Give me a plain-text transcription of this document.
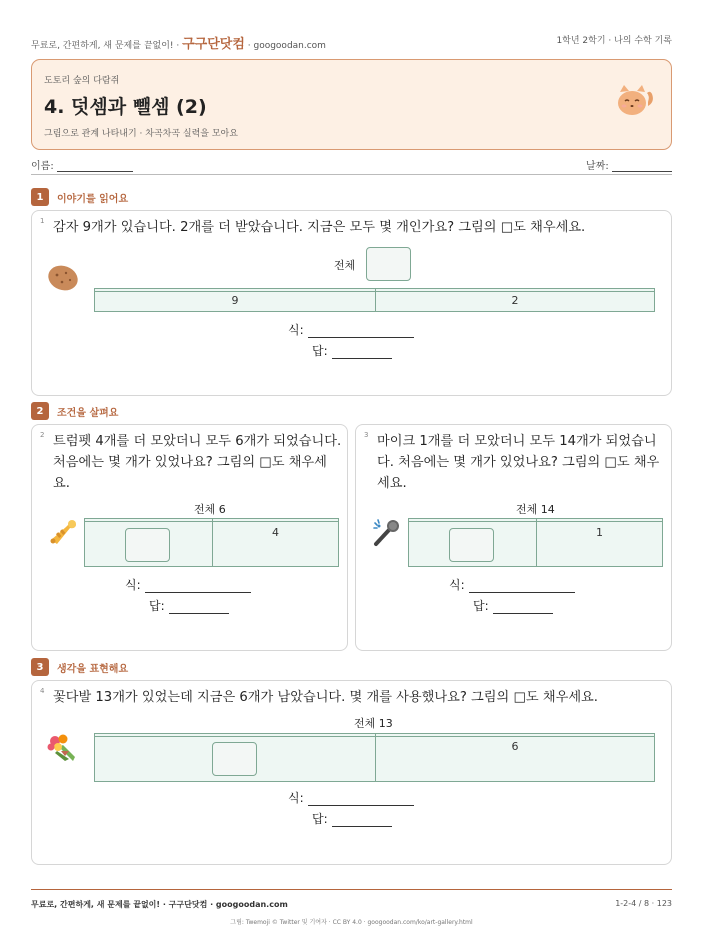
무료로, 간편하게, 새 문제를 끝없이! · 구구단닷컴 · googoodan.com	1학년 2학기 · 나의 수학 기록
도토리 숲의 다람쥐
4. 덧셈과 뺄셈 (2)
그림으로 관계 나타내기 · 차곡차곡 실력을 모아요
이름:	날짜:
1	이야기를 읽어요
1 감자 9개가 있습니다. 2개를 더 받았습니다. 지금은 모두 몇 개인가요? 그림의 □도 채우세요.
전체
9	2
식:
답:
2	조건을 살펴요
2 트럼펫 4개를 더 모았더니 모두 6개가 되었습니다. 처음에는 몇 개가 있었나요? 그림의 □도 채우세요.
전체 6
4
식:
답:
3 마이크 1개를 더 모았더니 모두 14개가 되었습니다. 처음에는 몇 개가 있었나요? 그림의 □도 채우세요.
전체 14
1
식:
답:
3	생각을 표현해요
4 꽃다발 13개가 있었는데 지금은 6개가 남았습니다. 몇 개를 사용했나요? 그림의 □도 채우세요.
전체 13
6
식:
답:
무료로, 간편하게, 새 문제를 끝없이! · 구구단닷컴 · googoodan.com	1-2-4 / 8 · 123
그림: Twemoji © Twitter 및 기여자 · CC BY 4.0 · googoodan.com/ko/art-gallery.html
